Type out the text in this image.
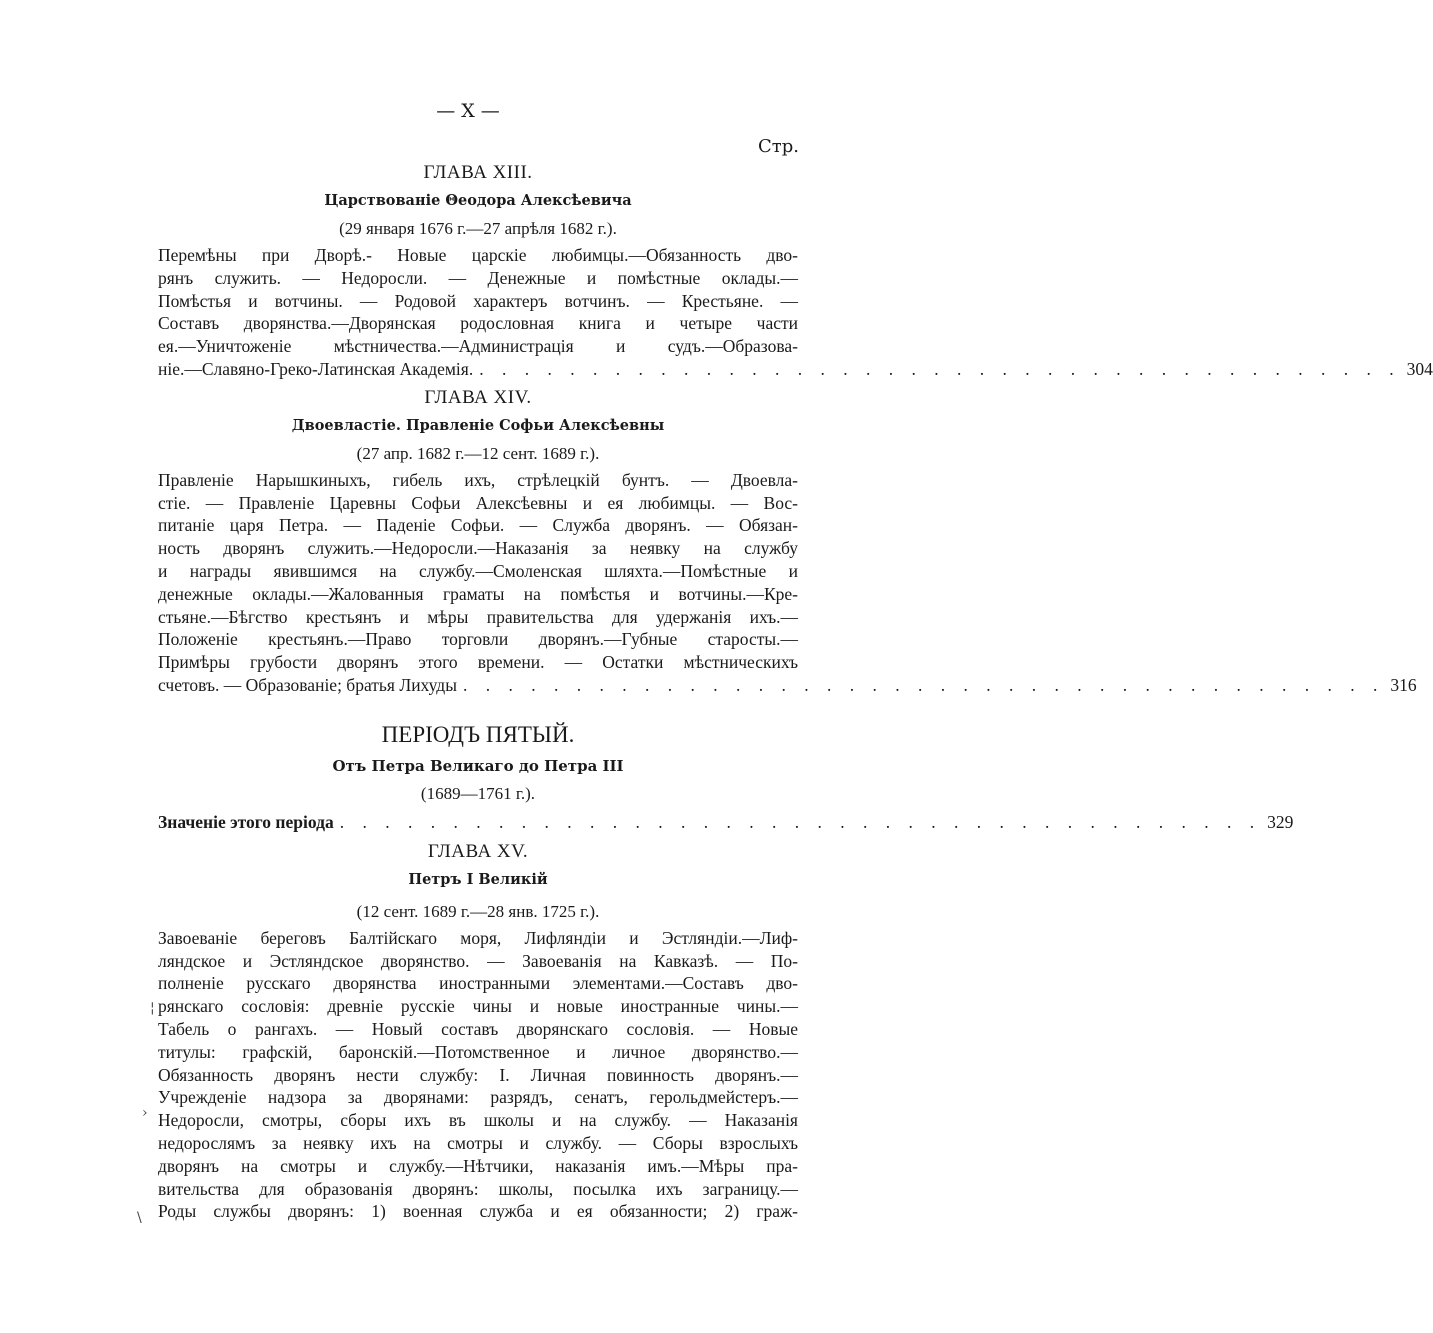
— X —
Стр.
¦
›
\
ГЛАВА XIII.
Царствованіе Θеодора Алексѣевича
(29 января 1676 г.—27 апрѣля 1682 г.).
Перемѣны при Дворѣ.- Новые царскіе любимцы.—Обязанность дво-
рянъ служить. — Недоросли. — Денежные и помѣстные оклады.—
Помѣстья и вотчины. — Родовой характеръ вотчинъ. — Крестьяне. —
Составъ дворянства.—Дворянская родословная книга и четыре части
ея.—Уничтоженіе мѣстничества.—Администрація и судъ.—Образова-
ніе.—Славяно-Греко-Латинская Академія. . . . . . . . . . . . . . . . . . . . . . . . . . . . . . . . . . . . . . . . . . 304
ГЛАВА XIV.
Двоевластіе. Правленіе Софьи Алексѣевны
(27 апр. 1682 г.—12 сент. 1689 г.).
Правленіе Нарышкиныхъ, гибель ихъ, стрѣлецкій бунтъ. — Двоевла-
стіе. — Правленіе Царевны Софьи Алексѣевны и ея любимцы. — Вос-
питаніе царя Петра. — Паденіе Софьи. — Служба дворянъ. — Обязан-
ность дворянъ служить.—Недоросли.—Наказанія за неявку на службу
и награды явившимся на службу.—Смоленская шляхта.—Помѣстные и
денежные оклады.—Жалованныя граматы на помѣстья и вотчины.—Кре-
стьяне.—Бѣгство крестьянъ и мѣры правительства для удержанія ихъ.—
Положеніе крестьянъ.—Право торговли дворянъ.—Губные старосты.—
Примѣры грубости дворянъ этого времени. — Остатки мѣстническихъ
счетовъ. — Образованіе; братья Лихуды . . . . . . . . . . . . . . . . . . . . . . . . . . . . . . . . . . . . . . . . . 316
ПЕРІОДЪ ПЯТЫЙ.
Отъ Петра Великаго до Петра III
(1689—1761 г.).
Значеніе этого періода . . . . . . . . . . . . . . . . . . . . . . . . . . . . . . . . . . . . . . . . . 329
ГЛАВА XV.
Петръ I Великій
(12 сент. 1689 г.—28 янв. 1725 г.).
Завоеваніе береговъ Балтійскаго моря, Лифляндіи и Эстляндіи.—Лиф-
ляндское и Эстляндское дворянство. — Завоеванія на Кавказѣ. — По-
полненіе русскаго дворянства иностранными элементами.—Составъ дво-
рянскаго сословія: древніе русскіе чины и новые иностранные чины.—
Табель о рангахъ. — Новый составъ дворянскаго сословія. — Новые
титулы: графскій, баронскій.—Потомственное и личное дворянство.—
Обязанность дворянъ нести службу: I. Личная повинность дворянъ.—
Учрежденіе надзора за дворянами: разрядъ, сенатъ, герольдмейстеръ.—
Недоросли, смотры, сборы ихъ въ школы и на службу. — Наказанія
недорослямъ за неявку ихъ на смотры и службу. — Сборы взрослыхъ
дворянъ на смотры и службу.—Нѣтчики, наказанія имъ.—Мѣры пра-
вительства для образованія дворянъ: школы, посылка ихъ заграницу.—
Роды службы дворянъ: 1) военная служба и ея обязанности; 2) граж-
